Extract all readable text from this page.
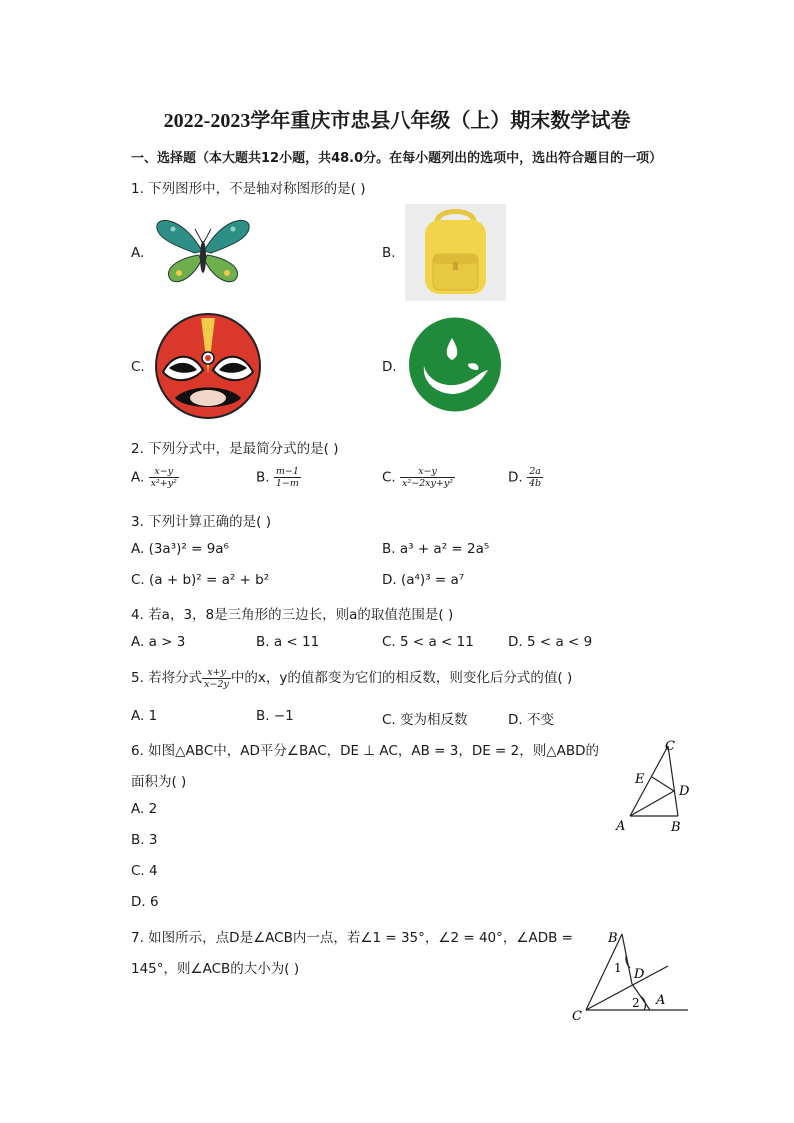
2022-2023学年重庆市忠县八年级（上）期末数学试卷
一、选择题（本大题共12小题，共48.0分。在每小题列出的选项中，选出符合题目的一项）
1. 下列图形中，不是轴对称图形的是( )
A.	B.
C.	D.
2. 下列分式中，是最简分式的是( )
A. $\frac{x-y}{\text{x²+y²}}$	B. $\frac{m-1}{1-m}$	C. $\frac{x-y}{\text{x²−2xy+y²}}$	D. $\frac{2a}{4b}$
3. 下列计算正确的是( )
A. (3a³)² = 9a⁶	B. a³ + a² = 2a⁵
C. (a + b)² = a² + b²	D. (a⁴)³ = a⁷
4. 若a，3，8是三角形的三边长，则a的取值范围是( )
A. a > 3	B. a < 11	C. 5 < a < 11	D. 5 < a < 9
5. 若将分式 $\frac{x+y}{x-2y}$ 中的x，y的值都变为它们的相反数，则变化后分式的值( )
A. 1	B. −1	C. 变为相反数	D. 不变
6. 如图△ABC中，AD平分∠BAC，DE ⊥ AC，AB = 3，DE = 2，则△ABD的
面积为( )
A. 2
B. 3
C. 4
D. 6
C
E
D
A	B
7. 如图所示，点D是∠ACB内一点，若∠1 = 35°，∠2 = 40°，∠ADB =
145°，则∠ACB的大小为( )
B
1 D
2 A
C
